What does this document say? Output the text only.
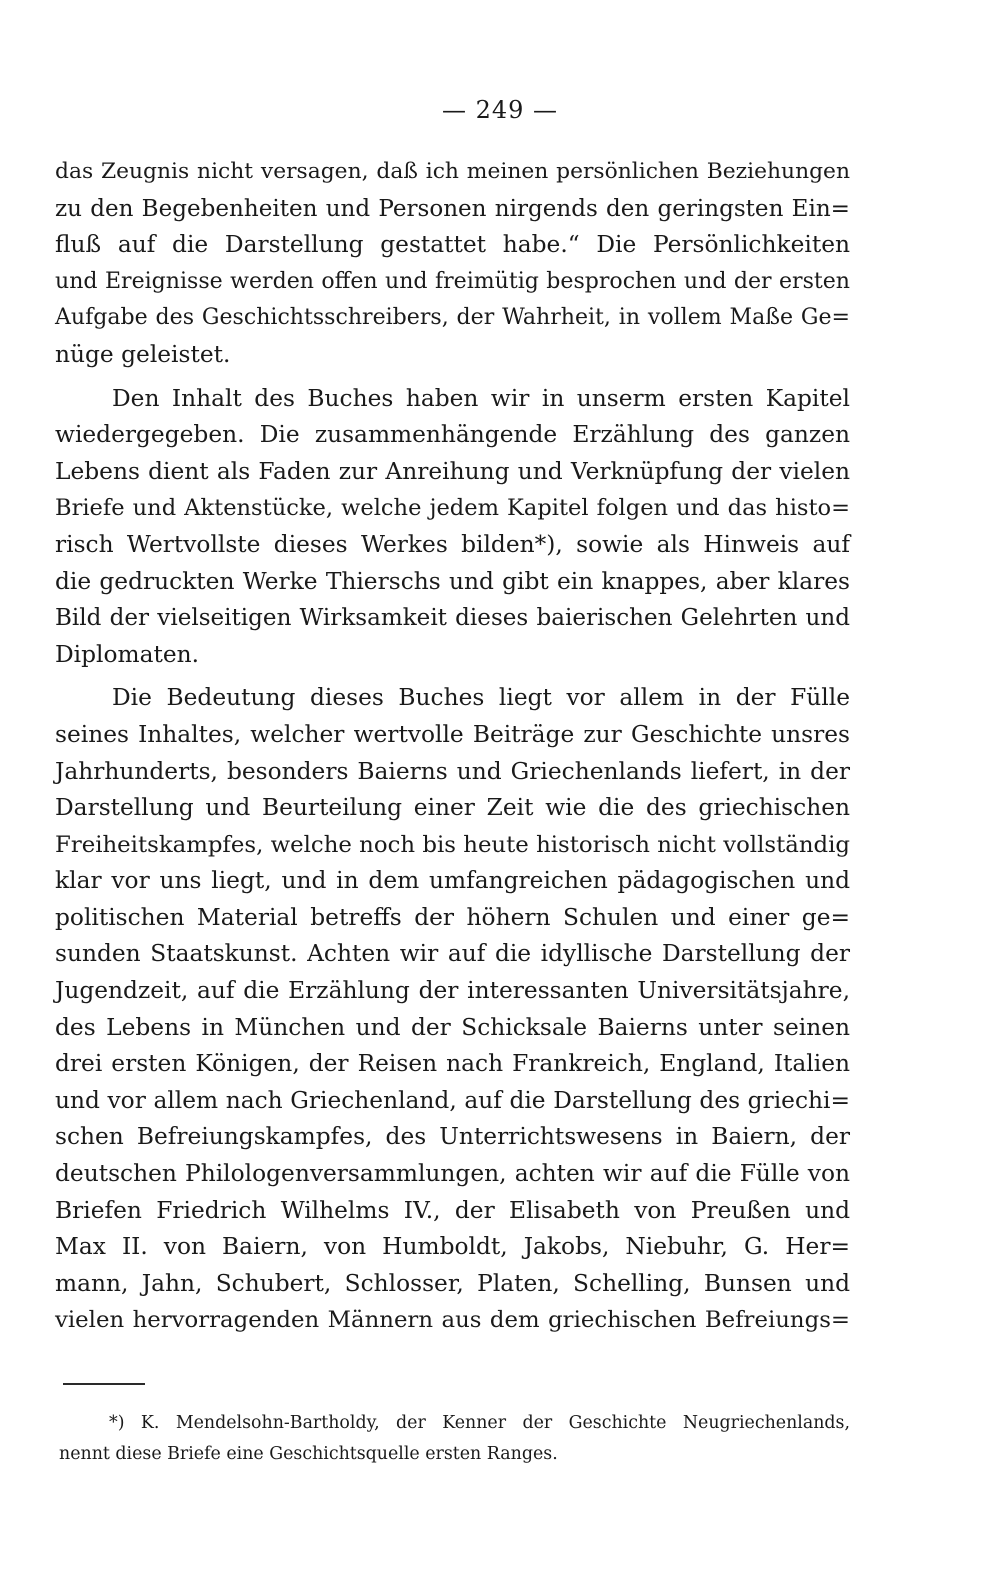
— 249 —
das Zeugnis nicht versagen, daß ich meinen persönlichen Beziehungen
zu den Begebenheiten und Personen nirgends den geringsten Ein=
fluß auf die Darstellung gestattet habe.“ Die Persönlichkeiten
und Ereignisse werden offen und freimütig besprochen und der ersten
Aufgabe des Geschichtsschreibers, der Wahrheit, in vollem Maße Ge=
nüge geleistet.
Den Inhalt des Buches haben wir in unserm ersten Kapitel
wiedergegeben. Die zusammenhängende Erzählung des ganzen
Lebens dient als Faden zur Anreihung und Verknüpfung der vielen
Briefe und Aktenstücke, welche jedem Kapitel folgen und das histo=
risch Wertvollste dieses Werkes bilden*), sowie als Hinweis auf
die gedruckten Werke Thierschs und gibt ein knappes, aber klares
Bild der vielseitigen Wirksamkeit dieses baierischen Gelehrten und
Diplomaten.
Die Bedeutung dieses Buches liegt vor allem in der Fülle
seines Inhaltes, welcher wertvolle Beiträge zur Geschichte unsres
Jahrhunderts, besonders Baierns und Griechenlands liefert, in der
Darstellung und Beurteilung einer Zeit wie die des griechischen
Freiheitskampfes, welche noch bis heute historisch nicht vollständig
klar vor uns liegt, und in dem umfangreichen pädagogischen und
politischen Material betreffs der höhern Schulen und einer ge=
sunden Staatskunst. Achten wir auf die idyllische Darstellung der
Jugendzeit, auf die Erzählung der interessanten Universitätsjahre,
des Lebens in München und der Schicksale Baierns unter seinen
drei ersten Königen, der Reisen nach Frankreich, England, Italien
und vor allem nach Griechenland, auf die Darstellung des griechi=
schen Befreiungskampfes, des Unterrichtswesens in Baiern, der
deutschen Philologenversammlungen, achten wir auf die Fülle von
Briefen Friedrich Wilhelms IV., der Elisabeth von Preußen und
Max II. von Baiern, von Humboldt, Jakobs, Niebuhr, G. Her=
mann, Jahn, Schubert, Schlosser, Platen, Schelling, Bunsen und
vielen hervorragenden Männern aus dem griechischen Befreiungs=
*) K. Mendelsohn-Bartholdy, der Kenner der Geschichte Neugriechenlands,
nennt diese Briefe eine Geschichtsquelle ersten Ranges.
